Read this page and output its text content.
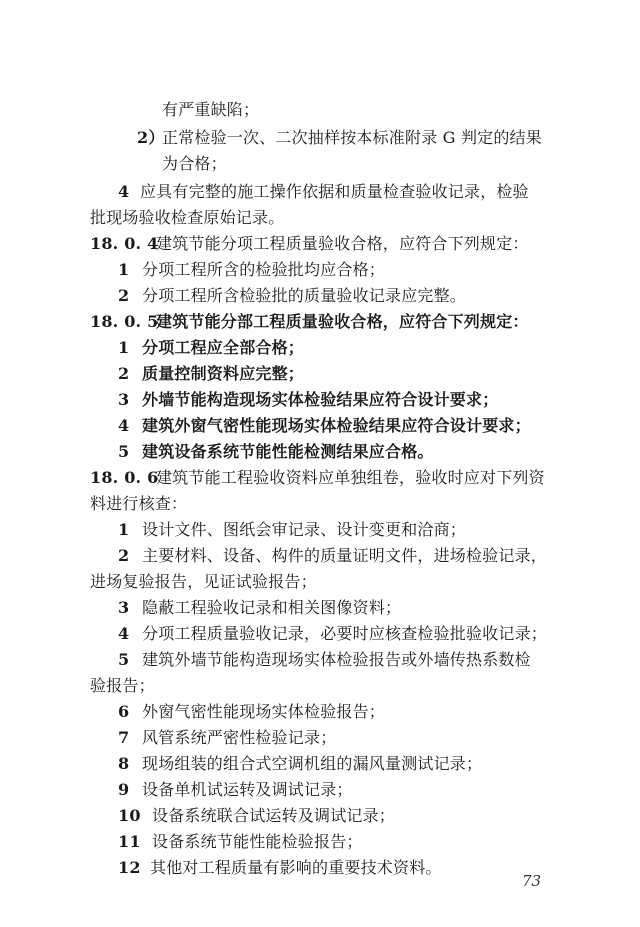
有严重缺陷；
2）正常检验一次、二次抽样按本标准附录 G 判定的结果
为合格；
4 应具有完整的施工操作依据和质量检查验收记录，检验
批现场验收检查原始记录。
18. 0. 4建筑节能分项工程质量验收合格，应符合下列规定：
1 分项工程所含的检验批均应合格；
2 分项工程所含检验批的质量验收记录应完整。
18. 0. 5建筑节能分部工程质量验收合格，应符合下列规定：
1 分项工程应全部合格；
2 质量控制资料应完整；
3 外墙节能构造现场实体检验结果应符合设计要求；
4 建筑外窗气密性能现场实体检验结果应符合设计要求；
5 建筑设备系统节能性能检测结果应合格。
18. 0. 6建筑节能工程验收资料应单独组卷，验收时应对下列资
料进行核查：
1 设计文件、图纸会审记录、设计变更和洽商；
2 主要材料、设备、构件的质量证明文件，进场检验记录，
进场复验报告，见证试验报告；
3 隐蔽工程验收记录和相关图像资料；
4 分项工程质量验收记录，必要时应核查检验批验收记录；
5 建筑外墙节能构造现场实体检验报告或外墙传热系数检
验报告；
6 外窗气密性能现场实体检验报告；
7 风管系统严密性检验记录；
8 现场组装的组合式空调机组的漏风量测试记录；
9 设备单机试运转及调试记录；
10 设备系统联合试运转及调试记录；
11 设备系统节能性能检验报告；
12 其他对工程质量有影响的重要技术资料。
73
